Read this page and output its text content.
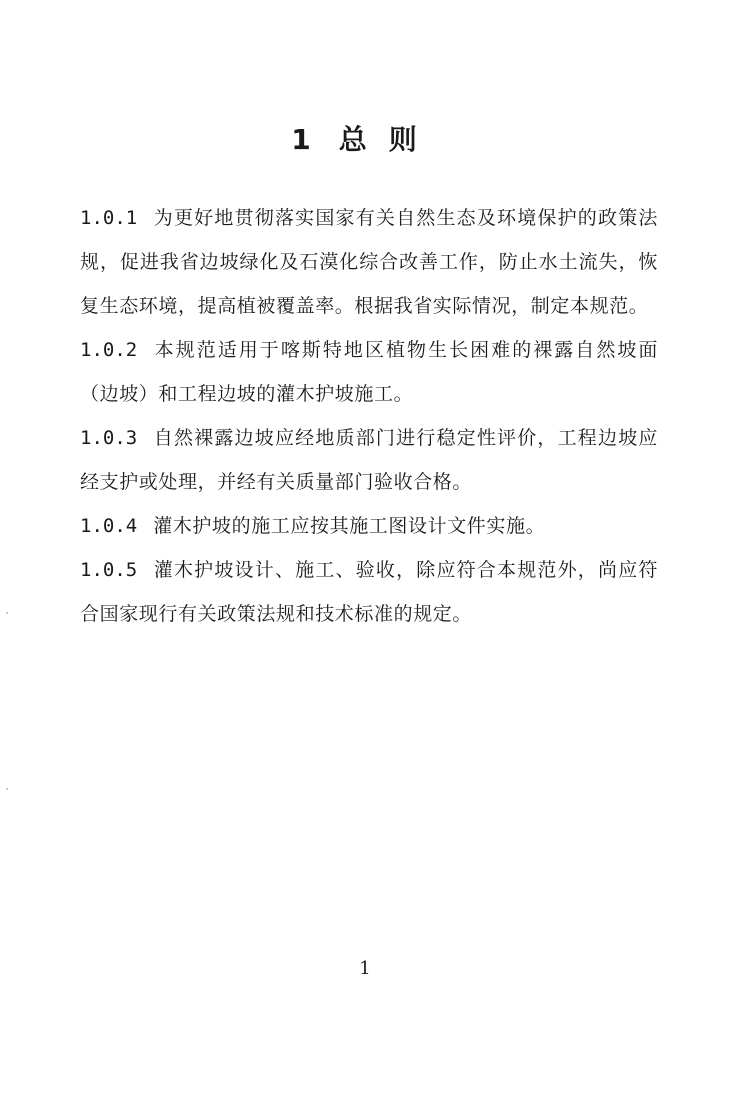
1 总则

1.0.1 为更好地贯彻落实国家有关自然生态及环境保护的政策法规，促进我省边坡绿化及石漠化综合改善工作，防止水土流失，恢复生态环境，提高植被覆盖率。根据我省实际情况，制定本规范。

1.0.2 本规范适用于喀斯特地区植物生长困难的裸露自然坡面（边坡）和工程边坡的灌木护坡施工。

1.0.3 自然裸露边坡应经地质部门进行稳定性评价，工程边坡应经支护或处理，并经有关质量部门验收合格。

1.0.4 灌木护坡的施工应按其施工图设计文件实施。

1.0.5 灌木护坡设计、施工、验收，除应符合本规范外，尚应符合国家现行有关政策法规和技术标准的规定。

1
